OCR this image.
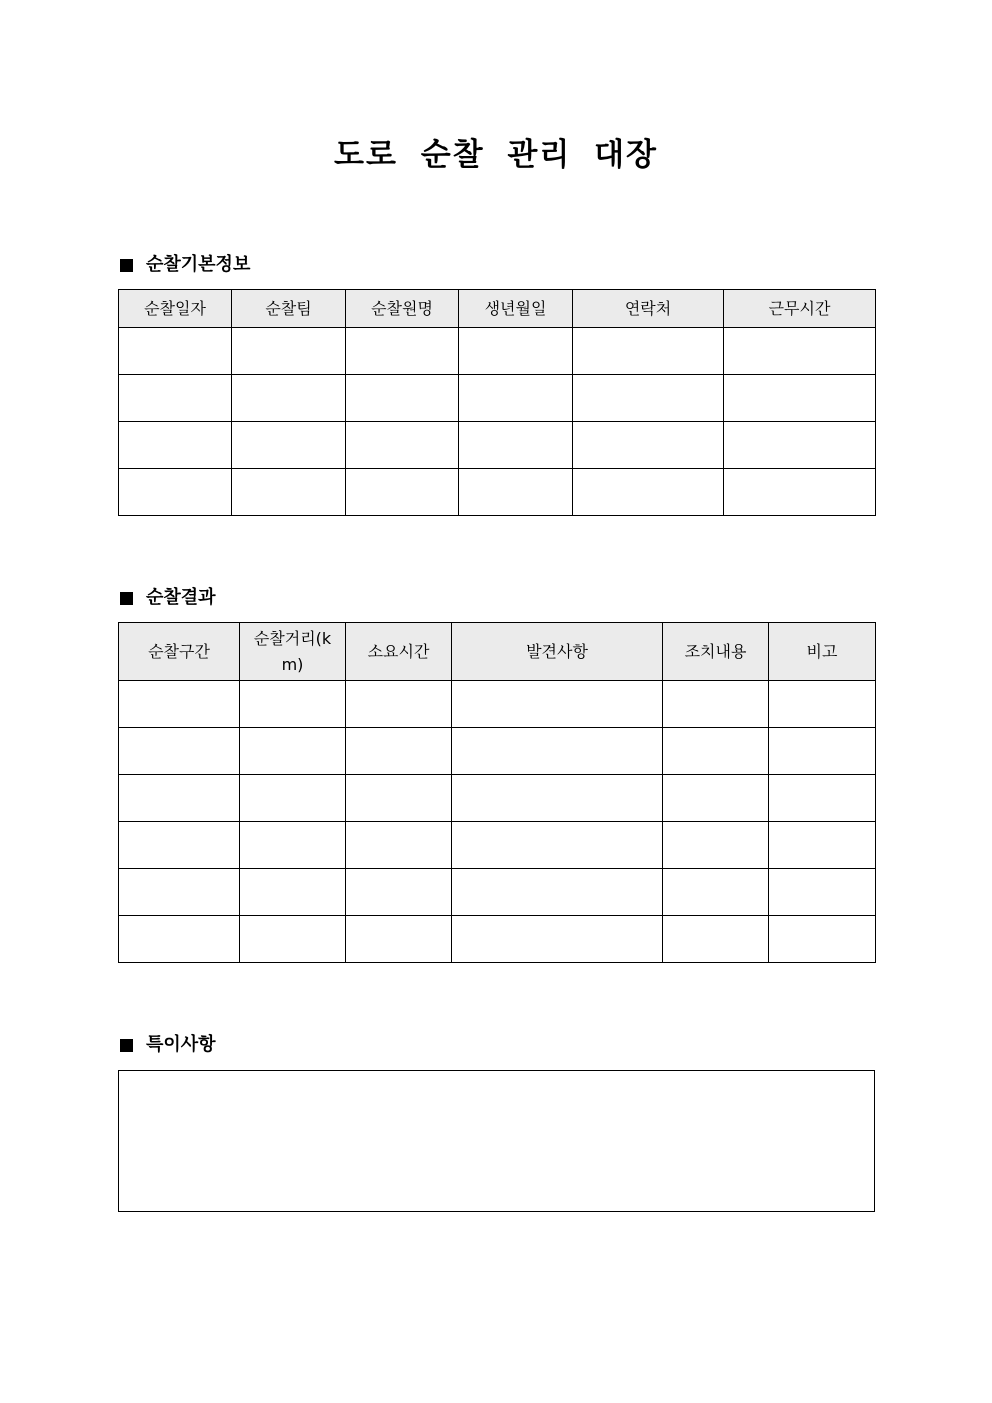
도로 순찰 관리 대장
순찰기본정보
순찰일자	순찰팀	순찰원명	생년월일	연락처	근무시간

순찰결과
순찰구간	순찰거리(km)	소요시간	발견사항	조치내용	비고

특이사항
